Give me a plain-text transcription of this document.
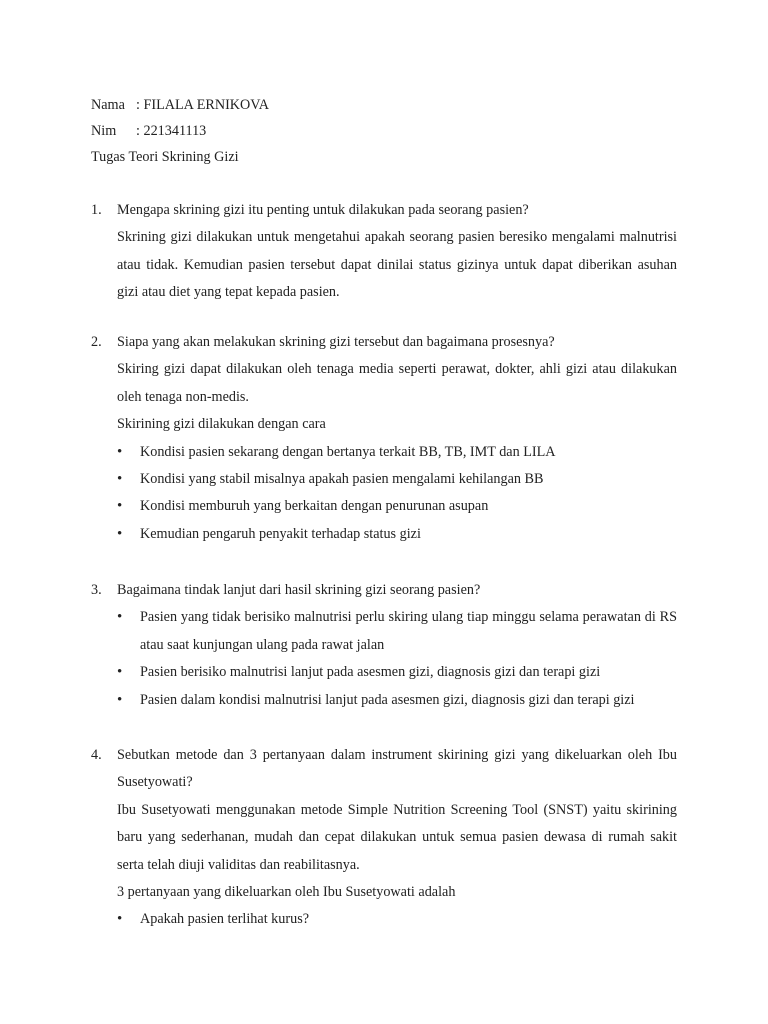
Nama : FILALA ERNIKOVA
Nim : 221341113
Tugas Teori Skrining Gizi
1.	Mengapa skrining gizi itu penting untuk dilakukan pada seorang pasien?
Skrining gizi dilakukan untuk mengetahui apakah seorang pasien beresiko mengalami malnutrisi atau tidak. Kemudian pasien tersebut dapat dinilai status gizinya untuk dapat diberikan asuhan gizi atau diet yang tepat kepada pasien.
2.	Siapa yang akan melakukan skrining gizi tersebut dan bagaimana prosesnya?
Skiring gizi dapat dilakukan oleh tenaga media seperti perawat, dokter, ahli gizi atau dilakukan oleh tenaga non-medis.
Skirining gizi dilakukan dengan cara
•
Kondisi pasien sekarang dengan bertanya terkait BB, TB, IMT dan LILA
•
Kondisi yang stabil misalnya apakah pasien mengalami kehilangan BB
•
Kondisi memburuh yang berkaitan dengan penurunan asupan
•
Kemudian pengaruh penyakit terhadap status gizi
3.	Bagaimana tindak lanjut dari hasil skrining gizi seorang pasien?
•
Pasien yang tidak berisiko malnutrisi perlu skiring ulang tiap minggu selama perawatan di RS atau saat kunjungan ulang pada rawat jalan
•
Pasien berisiko malnutrisi lanjut pada asesmen gizi, diagnosis gizi dan terapi gizi
•
Pasien dalam kondisi malnutrisi lanjut pada asesmen gizi, diagnosis gizi dan terapi gizi
4.	Sebutkan metode dan 3 pertanyaan dalam instrument skirining gizi yang dikeluarkan oleh Ibu Susetyowati?
Ibu Susetyowati menggunakan metode Simple Nutrition Screening Tool (SNST) yaitu skirining baru yang sederhanan, mudah dan cepat dilakukan untuk semua pasien dewasa di rumah sakit serta telah diuji validitas dan reabilitasnya.
3 pertanyaan yang dikeluarkan oleh Ibu Susetyowati adalah
•
Apakah pasien terlihat kurus?
